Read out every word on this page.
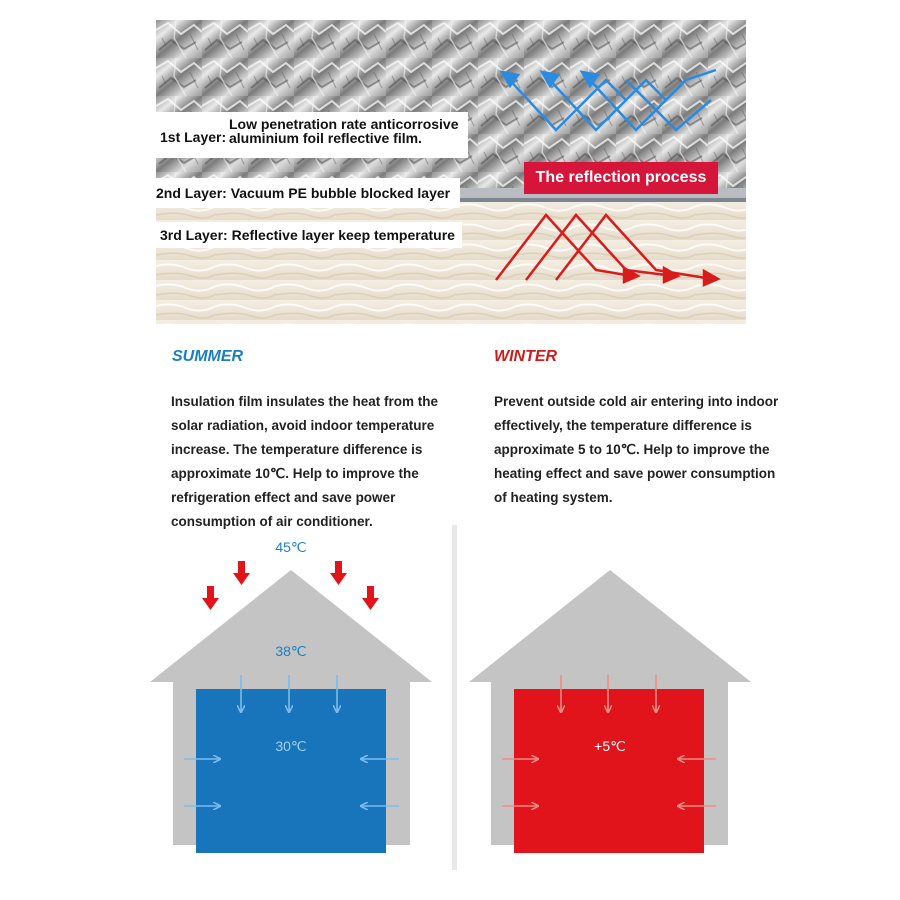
1st Layer:
Low penetration rate anticorrosive aluminium foil reflective film.
2nd Layer: Vacuum PE bubble blocked layer
3rd Layer: Reflective layer keep temperature
The reflection process
SUMMER	WINTER
Insulation film insulates the heat from the solar radiation, avoid indoor temperature increase. The temperature difference is approximate 10℃. Help to improve the refrigeration effect and save power consumption of air conditioner.
Prevent outside cold air entering into indoor effectively, the temperature difference is approximate 5 to 10℃. Help to improve the heating effect and save power consumption of heating system.
45℃
38℃
30℃	+5℃
